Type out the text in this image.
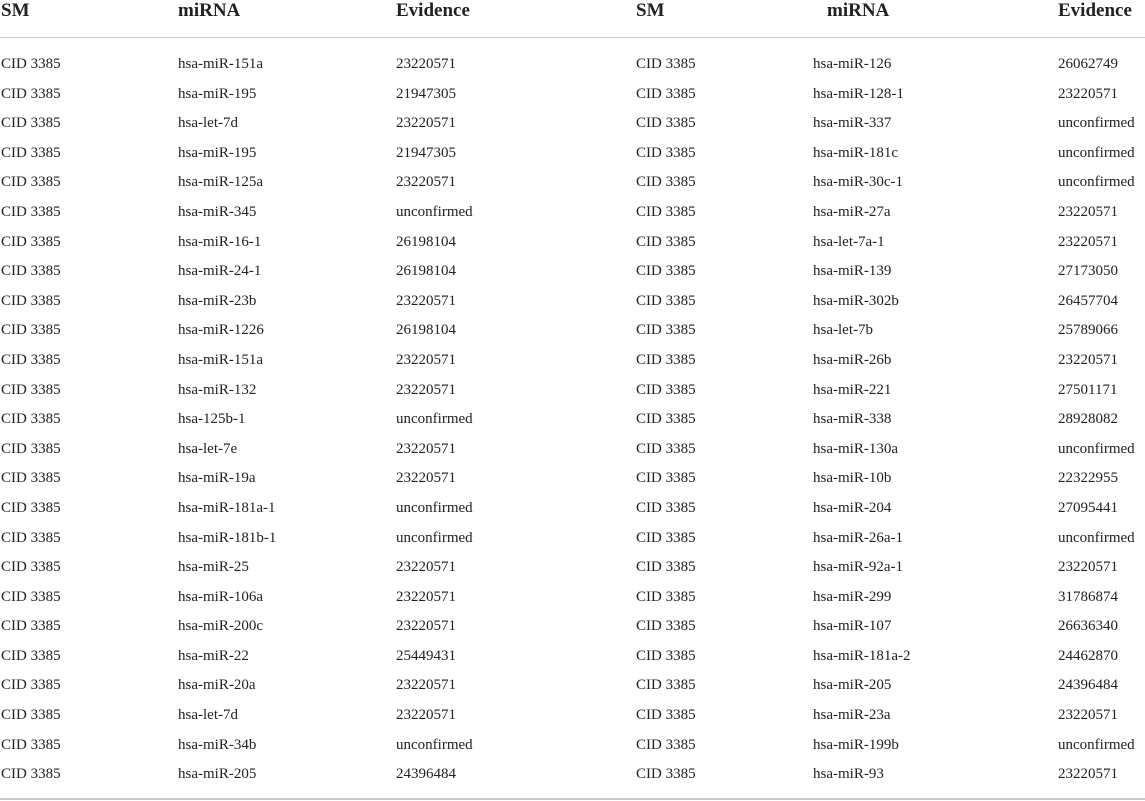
SM	miRNA	Evidence	SM	miRNA	Evidence
CID 3385	hsa-miR-151a	23220571	CID 3385	hsa-miR-126	26062749
CID 3385	hsa-miR-195	21947305	CID 3385	hsa-miR-128-1	23220571
CID 3385	hsa-let-7d	23220571	CID 3385	hsa-miR-337	unconfirmed
CID 3385	hsa-miR-195	21947305	CID 3385	hsa-miR-181c	unconfirmed
CID 3385	hsa-miR-125a	23220571	CID 3385	hsa-miR-30c-1	unconfirmed
CID 3385	hsa-miR-345	unconfirmed	CID 3385	hsa-miR-27a	23220571
CID 3385	hsa-miR-16-1	26198104	CID 3385	hsa-let-7a-1	23220571
CID 3385	hsa-miR-24-1	26198104	CID 3385	hsa-miR-139	27173050
CID 3385	hsa-miR-23b	23220571	CID 3385	hsa-miR-302b	26457704
CID 3385	hsa-miR-1226	26198104	CID 3385	hsa-let-7b	25789066
CID 3385	hsa-miR-151a	23220571	CID 3385	hsa-miR-26b	23220571
CID 3385	hsa-miR-132	23220571	CID 3385	hsa-miR-221	27501171
CID 3385	hsa-125b-1	unconfirmed	CID 3385	hsa-miR-338	28928082
CID 3385	hsa-let-7e	23220571	CID 3385	hsa-miR-130a	unconfirmed
CID 3385	hsa-miR-19a	23220571	CID 3385	hsa-miR-10b	22322955
CID 3385	hsa-miR-181a-1	unconfirmed	CID 3385	hsa-miR-204	27095441
CID 3385	hsa-miR-181b-1	unconfirmed	CID 3385	hsa-miR-26a-1	unconfirmed
CID 3385	hsa-miR-25	23220571	CID 3385	hsa-miR-92a-1	23220571
CID 3385	hsa-miR-106a	23220571	CID 3385	hsa-miR-299	31786874
CID 3385	hsa-miR-200c	23220571	CID 3385	hsa-miR-107	26636340
CID 3385	hsa-miR-22	25449431	CID 3385	hsa-miR-181a-2	24462870
CID 3385	hsa-miR-20a	23220571	CID 3385	hsa-miR-205	24396484
CID 3385	hsa-let-7d	23220571	CID 3385	hsa-miR-23a	23220571
CID 3385	hsa-miR-34b	unconfirmed	CID 3385	hsa-miR-199b	unconfirmed
CID 3385	hsa-miR-205	24396484	CID 3385	hsa-miR-93	23220571
